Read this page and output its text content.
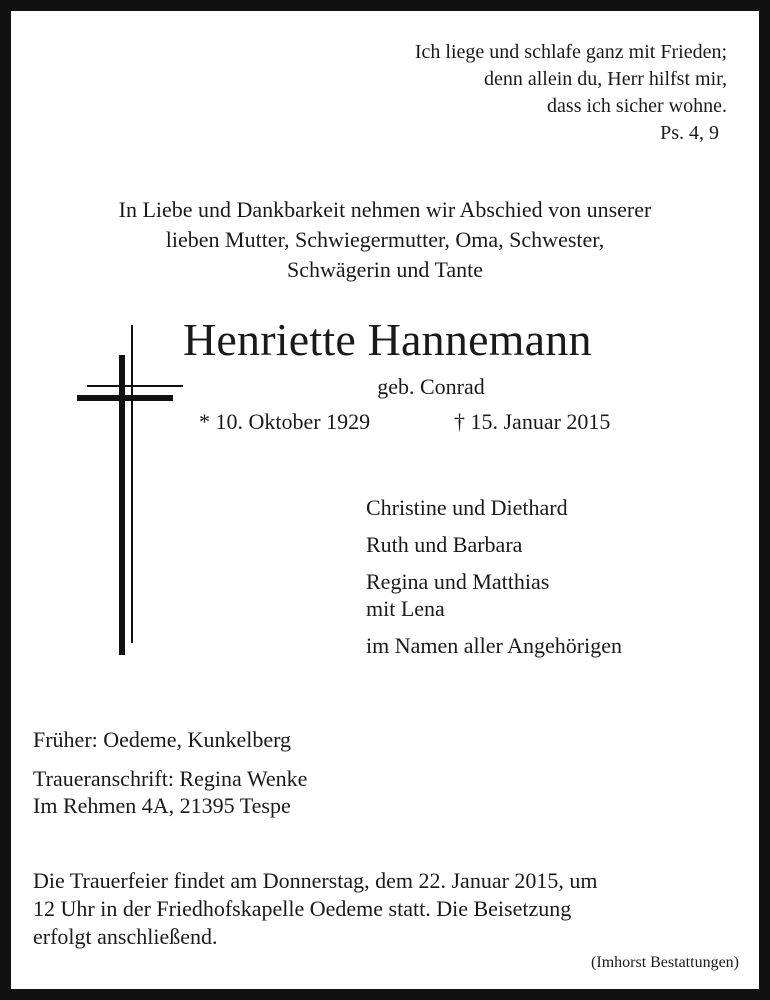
Ich liege und schlafe ganz mit Frieden;
denn allein du, Herr hilfst mir,
dass ich sicher wohne.
Ps. 4, 9
In Liebe und Dankbarkeit nehmen wir Abschied von unserer
lieben Mutter, Schwiegermutter, Oma, Schwester,
Schwägerin und Tante
Henriette Hannemann
geb. Conrad
* 10. Oktober 1929	† 15. Januar 2015
Christine und Diethard
Ruth und Barbara
Regina und Matthias
mit Lena
im Namen aller Angehörigen
Früher: Oedeme, Kunkelberg
Traueranschrift: Regina Wenke
Im Rehmen 4A, 21395 Tespe
Die Trauerfeier findet am Donnerstag, dem 22. Januar 2015, um
12 Uhr in der Friedhofskapelle Oedeme statt. Die Beisetzung
erfolgt anschließend.
(Imhorst Bestattungen)
